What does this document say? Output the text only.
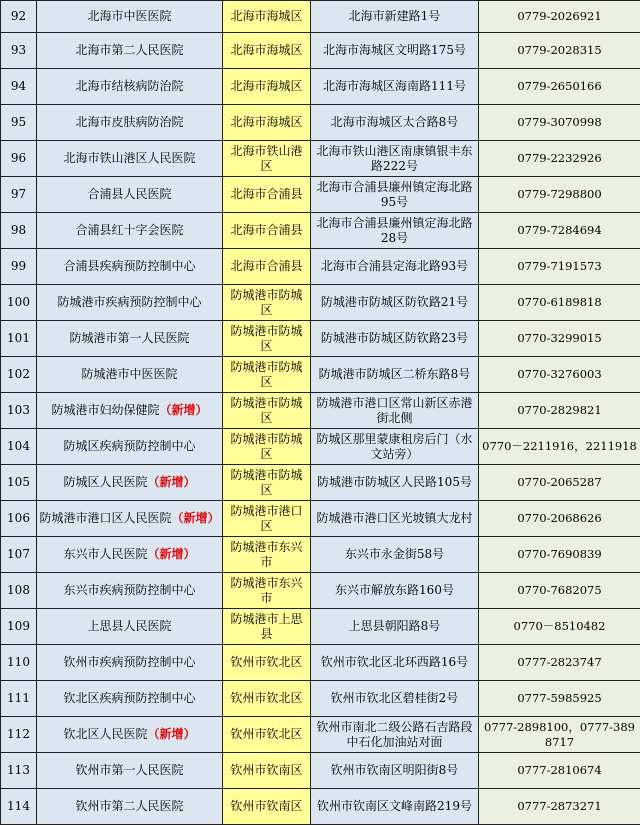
92	北海市中医医院	北海市海城区	北海市新建路1号	0779-2026921
93	北海市第二人民医院	北海市海城区	北海市海城区文明路175号	0779-2028315
94	北海市结核病防治院	北海市海城区	北海市海城区海南路111号	0779-2650166
95	北海市皮肤病防治院	北海市海城区	北海市海城区太合路8号	0779-3070998
96	北海市铁山港区人民医院	北海市铁山港区	北海市铁山港区南康镇银丰东路222号	0779-2232926
97	合浦县人民医院	北海市合浦县	北海市合浦县廉州镇定海北路95号	0779-7298800
98	合浦县红十字会医院	北海市合浦县	北海市合浦县廉州镇定海北路28号	0779-7284694
99	合浦县疾病预防控制中心	北海市合浦县	北海市合浦县定海北路93号	0779-7191573
100	防城港市疾病预防控制中心	防城港市防城区	防城港市防城区防钦路21号	0770-6189818
101	防城港市第一人民医院	防城港市防城区	防城港市防城区防钦路23号	0770-3299015
102	防城港市中医医院	防城港市防城区	防城港市防城区二桥东路8号	0770-3276003
103	防城港市妇幼保健院（新增）	防城港市防城区	防城港市港口区常山新区赤港街北侧	0770-2829821
104	防城区疾病预防控制中心	防城港市防城区	防城区那里蒙康租房后门（水文站旁）	0770－2211916，2211918
105	防城区人民医院（新增）	防城港市防城区	防城港市防城区人民路105号	0770-2065287
106	防城港市港口区人民医院（新增）	防城港市港口区	防城港市港口区光坡镇大龙村	0770-2068626
107	东兴市人民医院（新增）	防城港市东兴市	东兴市永金街58号	0770-7690839
108	东兴市疾病预防控制中心	防城港市东兴市	东兴市解放东路160号	0770-7682075
109	上思县人民医院	防城港市上思县	上思县朝阳路8号	0770－8510482
110	钦州市疾病预防控制中心	钦州市钦北区	钦州市钦北区北环西路16号	0777-2823747
111	钦北区疾病预防控制中心	钦州市钦北区	钦州市钦北区碧桂街2号	0777-5985925
112	钦北区人民医院（新增）	钦州市钦北区	钦州市南北二级公路石吉路段中石化加油站对面	0777-2898100，0777-3898717
113	钦州市第一人民医院	钦州市钦南区	钦州市钦南区明阳街8号	0777-2810674
114	钦州市第二人民医院	钦州市钦南区	钦州市钦南区文峰南路219号	0777-2873271
